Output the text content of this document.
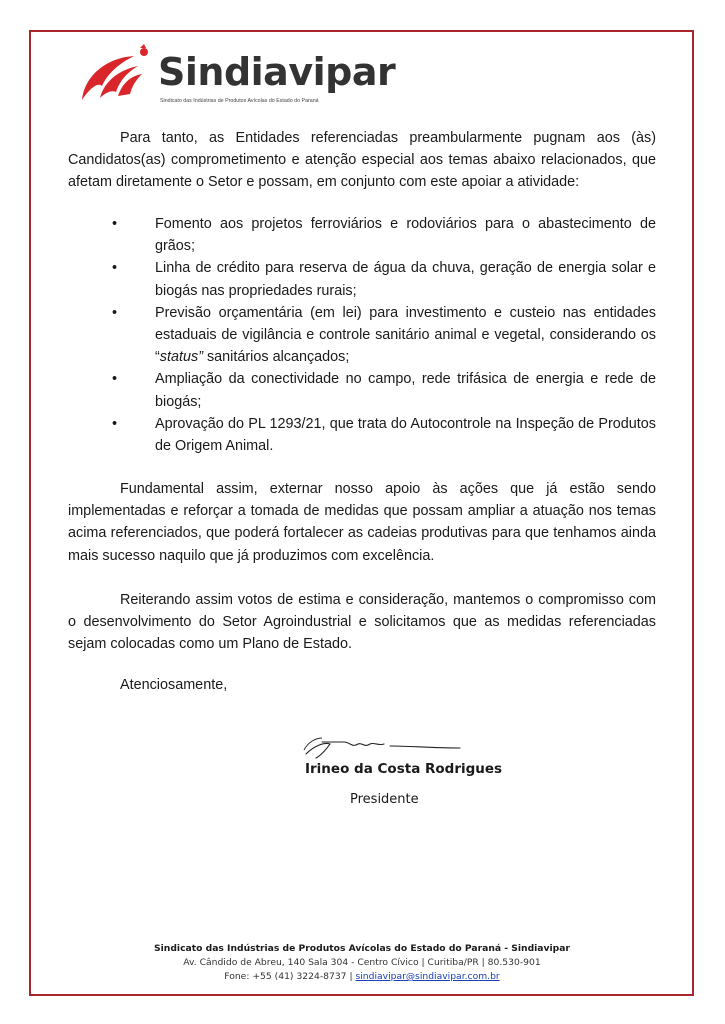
Sindiavipar
Sindicato das Indústrias de Produtos Avícolas do Estado do Paraná
Para tanto, as Entidades referenciadas preambularmente pugnam aos (às) Candidatos(as) comprometimento e atenção especial aos temas abaixo relacionados, que afetam diretamente o Setor e possam, em conjunto com este apoiar a atividade:
•	Fomento aos projetos ferroviários e rodoviários para o abastecimento de grãos;
•	Linha de crédito para reserva de água da chuva, geração de energia solar e biogás nas propriedades rurais;
•	Previsão orçamentária (em lei) para investimento e custeio nas entidades estaduais de vigilância e controle sanitário animal e vegetal, considerando os “status” sanitários alcançados;
•	Ampliação da conectividade no campo, rede trifásica de energia e rede de biogás;
•	Aprovação do PL 1293/21, que trata do Autocontrole na Inspeção de Produtos de Origem Animal.
Fundamental assim, externar nosso apoio às ações que já estão sendo implementadas e reforçar a tomada de medidas que possam ampliar a atuação nos temas acima referenciados, que poderá fortalecer as cadeias produtivas para que tenhamos ainda mais sucesso naquilo que já produzimos com excelência.
Reiterando assim votos de estima e consideração, mantemos o compromisso com o desenvolvimento do Setor Agroindustrial e solicitamos que as medidas referenciadas sejam colocadas como um Plano de Estado.
Atenciosamente,
Irineo da Costa Rodrigues
Presidente
Sindicato das Indústrias de Produtos Avícolas do Estado do Paraná - Sindiavipar
Av. Cândido de Abreu, 140 Sala 304 - Centro Cívico | Curitiba/PR | 80.530-901
Fone: +55 (41) 3224-8737 | sindiavipar@sindiavipar.com.br
